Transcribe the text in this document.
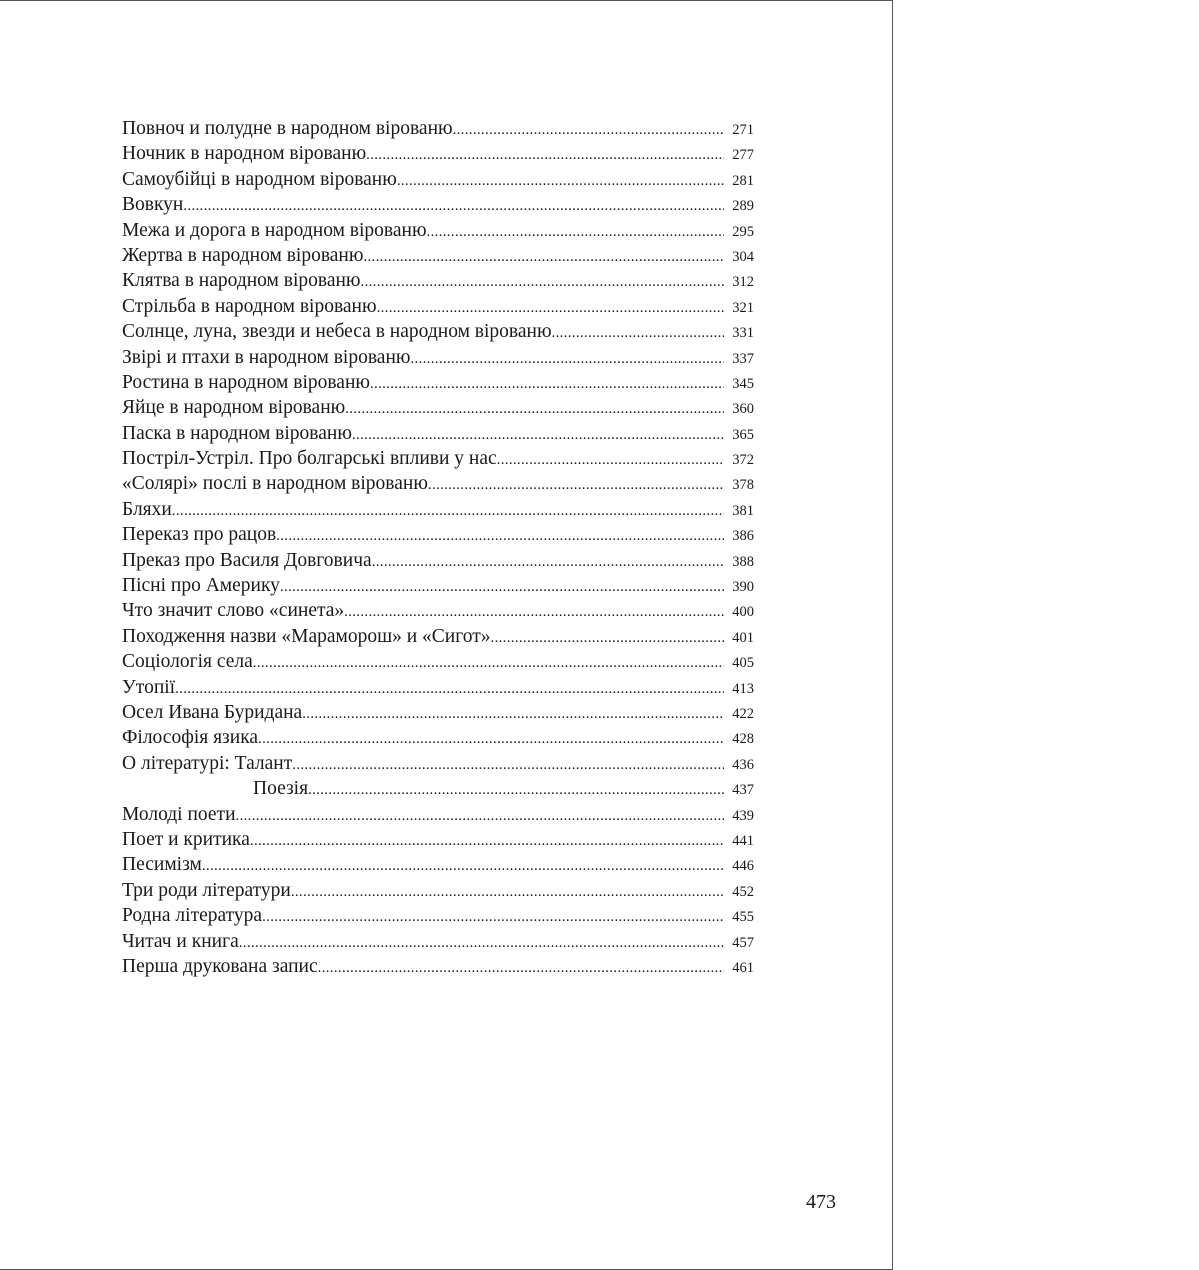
Повноч и полудне в народном віpованю .....	271
Ночник в народном віpованю .....	277
Самоубійці в народном віpованю .....	281
Вовкун .....	289
Межа и дорога в народном віpованю .....	295
Жертва в народном віpованю .....	304
Клятва в народном віpованю .....	312
Стрільба в народном віpованю .....	321
Солнце, луна, звезди и небеса в народном віpованю .....	331
Звірі и птахи в народном віpованю .....	337
Ростина в народном віpованю .....	345
Яйце в народном віpованю .....	360
Паска в народном віpованю .....	365
Постріл-Устріл. Про болгарські впливи у нас .....	372
«Солярі» послі в народном віpованю .....	378
Бляхи .....	381
Переказ про рацов .....	386
Преказ про Василя Довговича .....	388
Пісні про Америку .....	390
Что значит слово «синета» .....	400
Походження назви «Мараморош» и «Сигот» .....	401
Соціологія села .....	405
Утопії .....	413
Осел Ивана Буридана .....	422
Філософія язика .....	428
О літературі: Талант .....	436
Поезія .....	437
Молоді поети .....	439
Поет и критика .....	441
Песимізм .....	446
Три роди літератури .....	452
Родна література .....	455
Читач и книга .....	457
Перша друкована запис .....	461
473
